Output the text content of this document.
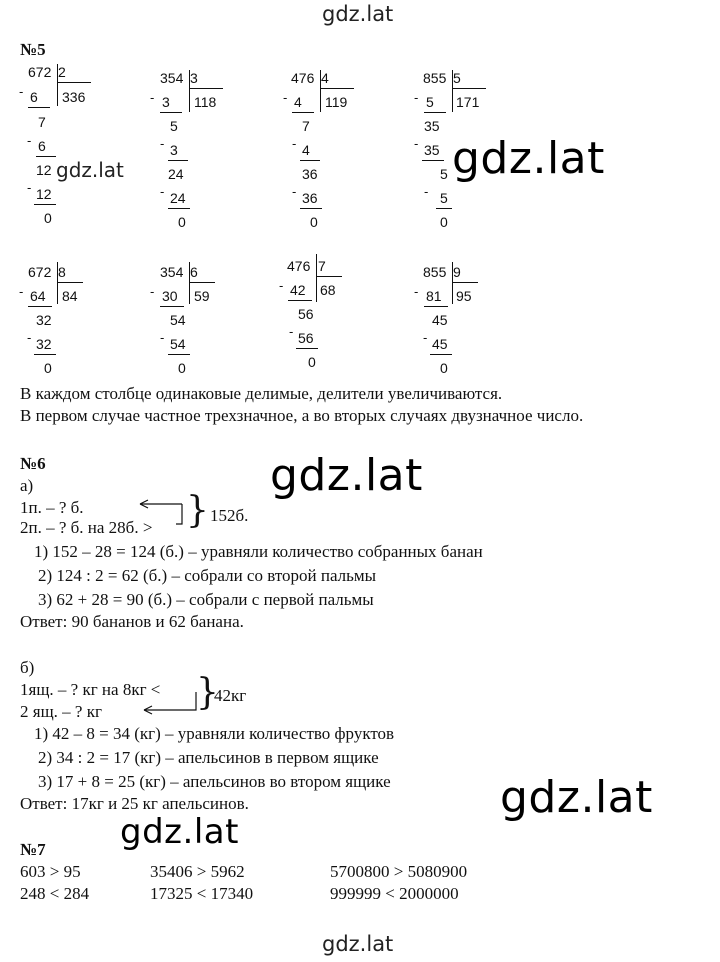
gdz.lat
gdz.lat
gdz.lat	gdz.lat
gdz.lat
gdz.lat
gdz.lat
№5
672 2
336
- 6
7
- 6
12
- 12
0
354 3
118
- 3
5
- 3
24
- 24
0
476 4
119
- 4
7
- 4
36
- 36
0
855 5
171
- 5
35
- 35
5
- 5
0
672 8
84
- 64
32
- 32
0
354 6
59
- 30
54
- 54
0
476 7
68
- 42
56
- 56
0
855 9
95
- 81
45
- 45
0
В каждом столбце одинаковые делимые, делители увеличиваются.
В первом случае частное трехзначное, а во вторых случаях двузначное число.
№6
а)
1п. – ? б.
2п. – ? б. на 28б. > } 152б.
1) 152 – 28 = 124 (б.) – уравняли количество собранных банан
2) 124 : 2 = 62 (б.) – собрали со второй пальмы
3) 62 + 28 = 90 (б.) – собрали с первой пальмы
Ответ: 90 бананов и 62 банана.
б)
1ящ. – ? кг на 8кг <
2 ящ. – ? кг	}
42кг
1) 42 – 8 = 34 (кг) – уравняли количество фруктов
2) 34 : 2 = 17 (кг) – апельсинов в первом ящике
3) 17 + 8 = 25 (кг) – апельсинов во втором ящике
Ответ: 17кг и 25 кг апельсинов.
№7
603 > 95	35406 > 5962	5700800 > 5080900
248 < 284	17325 < 17340	999999 < 2000000
